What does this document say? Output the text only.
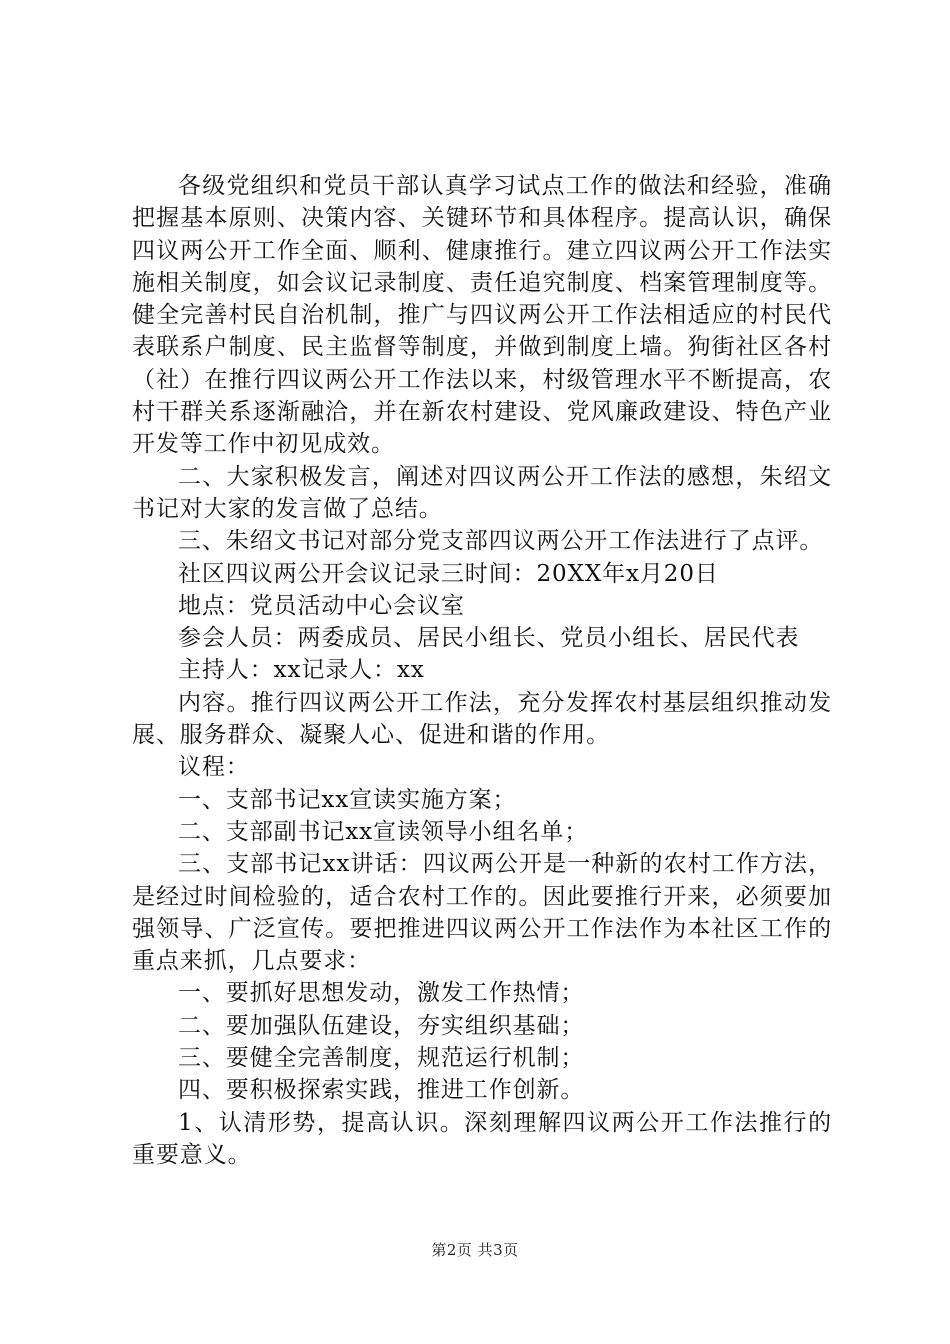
各级党组织和党员干部认真学习试点工作的做法和经验，准确把握基本原则、决策内容、关键环节和具体程序。提高认识，确保四议两公开工作全面、顺利、健康推行。建立四议两公开工作法实施相关制度，如会议记录制度、责任追究制度、档案管理制度等。健全完善村民自治机制，推广与四议两公开工作法相适应的村民代表联系户制度、民主监督等制度，并做到制度上墙。狗街社区各村（社）在推行四议两公开工作法以来，村级管理水平不断提高，农村干群关系逐渐融洽，并在新农村建设、党风廉政建设、特色产业开发等工作中初见成效。

二、大家积极发言，阐述对四议两公开工作法的感想，朱绍文书记对大家的发言做了总结。

三、朱绍文书记对部分党支部四议两公开工作法进行了点评。

社区四议两公开会议记录三时间：20XX年x月20日

地点：党员活动中心会议室

参会人员：两委成员、居民小组长、党员小组长、居民代表

主持人：xx记录人：xx

内容。推行四议两公开工作法，充分发挥农村基层组织推动发展、服务群众、凝聚人心、促进和谐的作用。

议程：

一、支部书记xx宣读实施方案；

二、支部副书记xx宣读领导小组名单；

三、支部书记xx讲话：四议两公开是一种新的农村工作方法，是经过时间检验的，适合农村工作的。因此要推行开来，必须要加强领导、广泛宣传。要把推进四议两公开工作法作为本社区工作的重点来抓，几点要求：

一、要抓好思想发动，激发工作热情；

二、要加强队伍建设，夯实组织基础；

三、要健全完善制度，规范运行机制；

四、要积极探索实践，推进工作创新。

1、认清形势，提高认识。深刻理解四议两公开工作法推行的重要意义。

第2页 共3页
